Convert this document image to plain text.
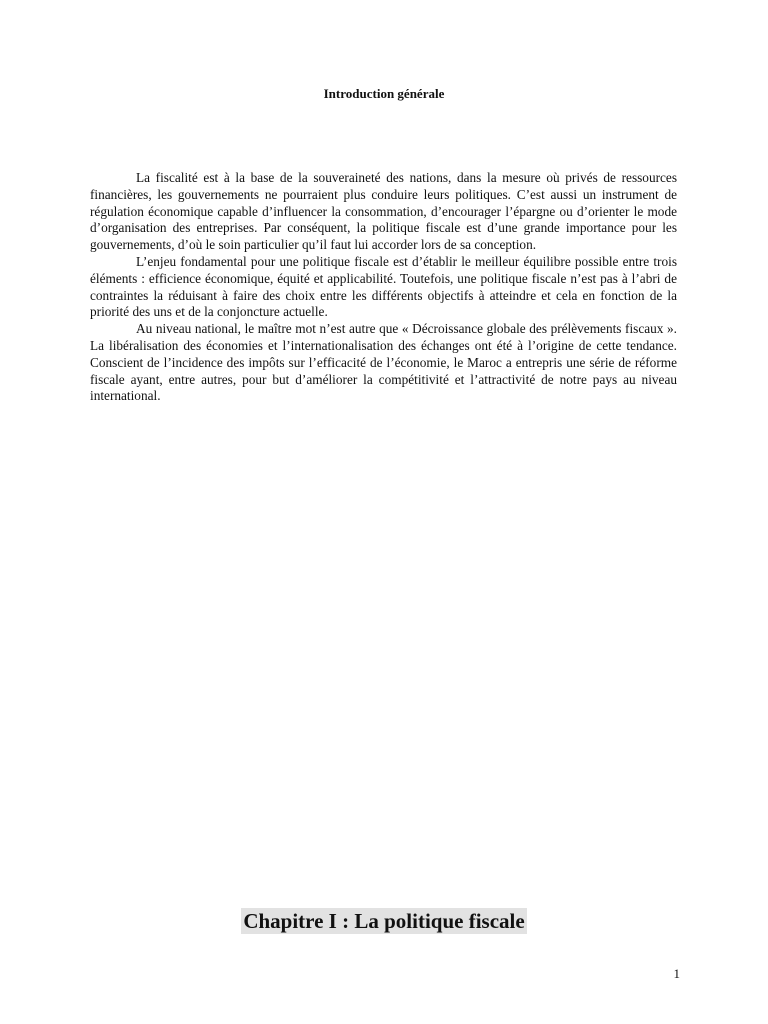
Introduction générale

La fiscalité est à la base de la souveraineté des nations, dans la mesure où privés de ressources financières, les gouvernements ne pourraient plus conduire leurs politiques. C’est aussi un instrument de régulation économique capable d’influencer la consommation, d’encourager l’épargne ou d’orienter le mode d’organisation des entreprises. Par conséquent, la politique fiscale est d’une grande importance pour les gouvernements, d’où le soin particulier qu’il faut lui accorder lors de sa conception.

L’enjeu fondamental pour une politique fiscale est d’établir le meilleur équilibre possible entre trois éléments : efficience économique, équité et applicabilité. Toutefois, une politique fiscale n’est pas à l’abri de contraintes la réduisant à faire des choix entre les différents objectifs à atteindre et cela en fonction de la priorité des uns et de la conjoncture actuelle.

Au niveau national, le maître mot n’est autre que « Décroissance globale des prélèvements fiscaux ». La libéralisation des économies et l’internationalisation des échanges ont été à l’origine de cette tendance. Conscient de l’incidence des impôts sur l’efficacité de l’économie, le Maroc a entrepris une série de réforme fiscale ayant, entre autres, pour but d’améliorer la compétitivité et l’attractivité de notre pays au niveau international.

Chapitre I : La politique fiscale
1
